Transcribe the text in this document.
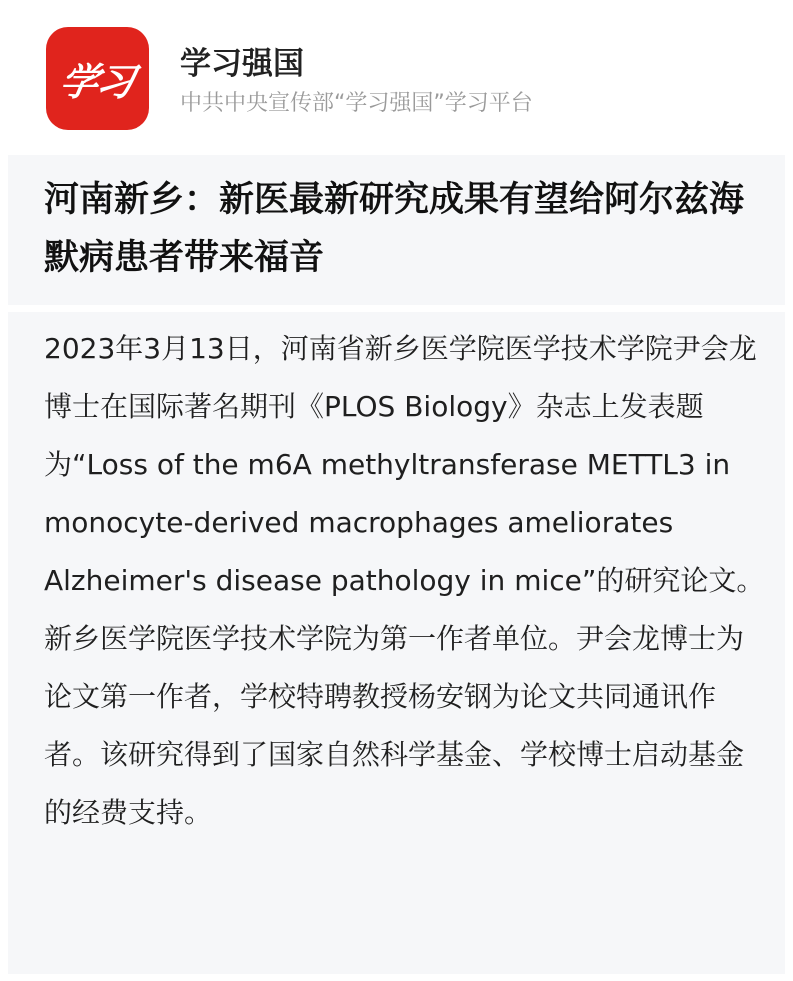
学习 学习强国
中共中央宣传部“学习强国”学习平台
河南新乡：新医最新研究成果有望给阿尔兹海默病患者带来福音

2023年3月13日，河南省新乡医学院医学技术学院尹会龙博士在国际著名期刊《PLOS Biology》杂志上发表题为“Loss of the m6A methyltransferase METTL3 in monocyte-derived macrophages ameliorates Alzheimer's disease pathology in mice”的研究论文。新乡医学院医学技术学院为第一作者单位。尹会龙博士为论文第一作者，学校特聘教授杨安钢为论文共同通讯作者。该研究得到了国家自然科学基金、学校博士启动基金的经费支持。
